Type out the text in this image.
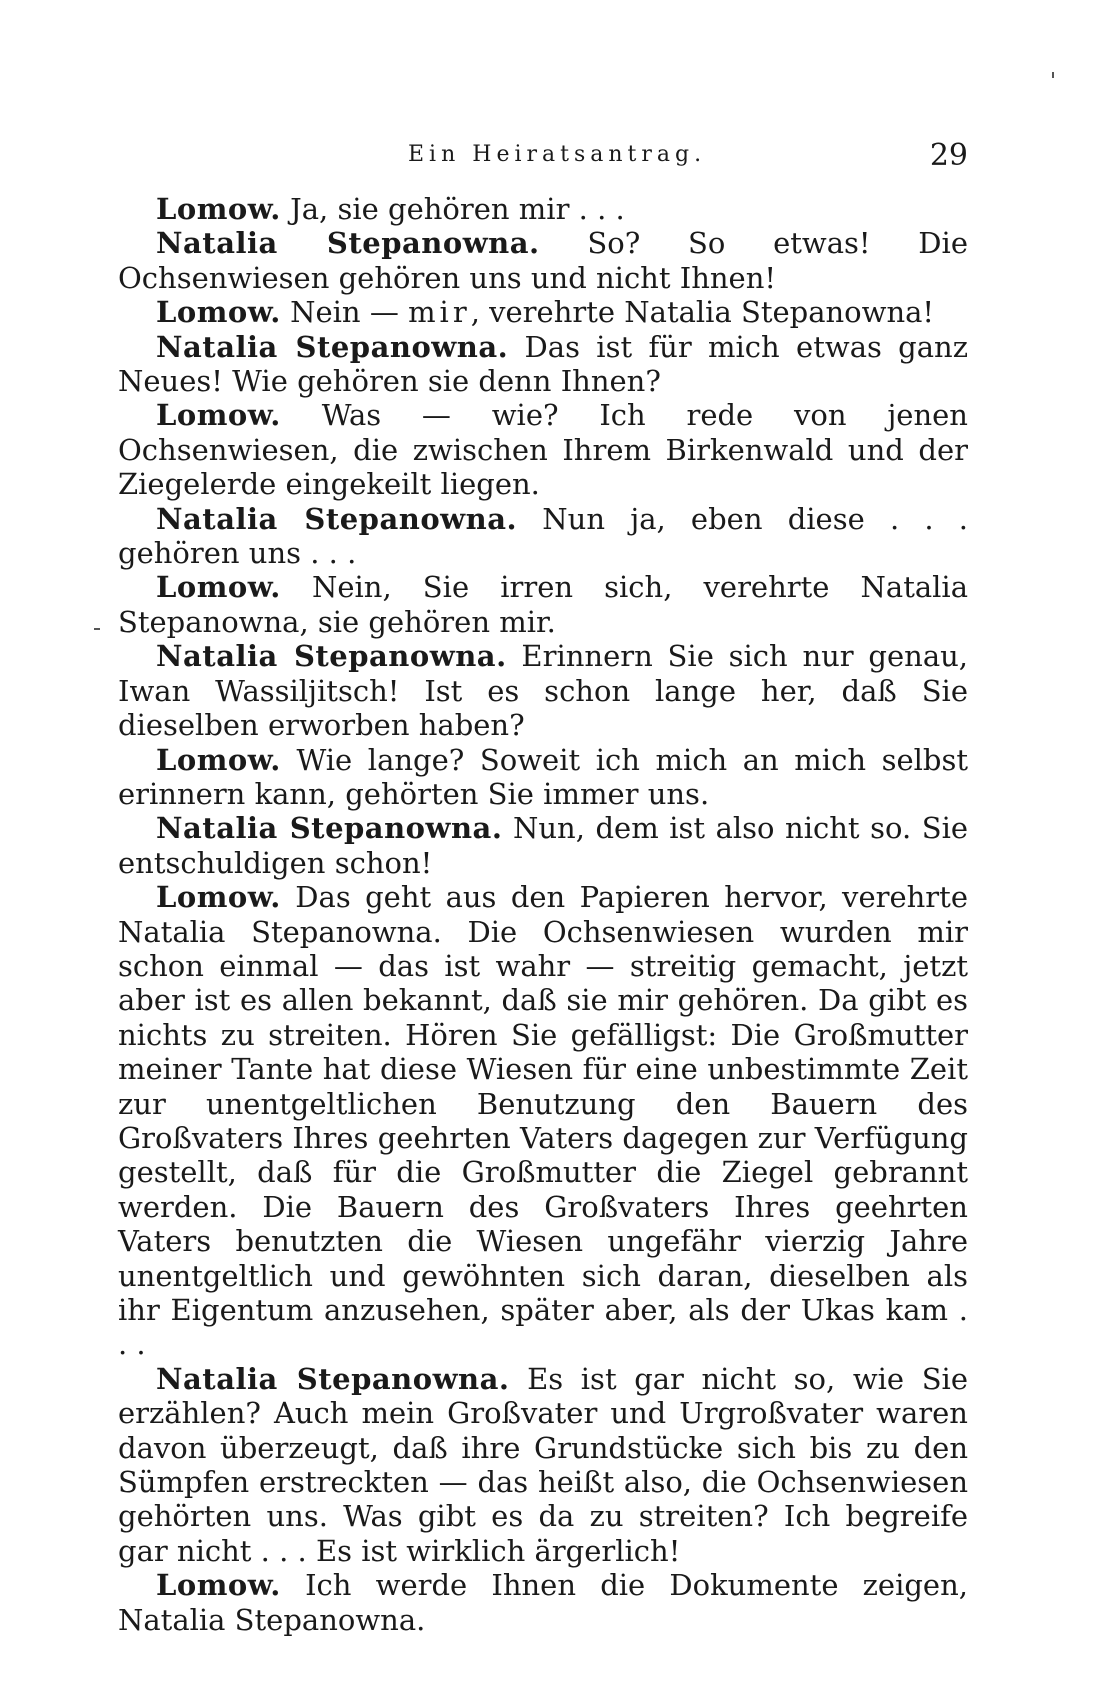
Ein Heiratsantrag.	29

Lomow. Ja, sie gehören mir . . .

Natalia Stepanowna. So? So etwas! Die Ochsenwiesen gehören uns und nicht Ihnen!

Lomow. Nein — mir, verehrte Natalia Stepanowna!

Natalia Stepanowna. Das ist für mich etwas ganz Neues! Wie gehören sie denn Ihnen?

Lomow. Was — wie? Ich rede von jenen Ochsenwiesen, die zwischen Ihrem Birkenwald und der Ziegelerde eingekeilt liegen.

Natalia Stepanowna. Nun ja, eben diese . . . gehören uns . . .

Lomow. Nein, Sie irren sich, verehrte Natalia Stepanowna, sie gehören mir.

Natalia Stepanowna. Erinnern Sie sich nur genau, Iwan Wassiljitsch! Ist es schon lange her, daß Sie dieselben erworben haben?

Lomow. Wie lange? Soweit ich mich an mich selbst erinnern kann, gehörten Sie immer uns.

Natalia Stepanowna. Nun, dem ist also nicht so. Sie entschuldigen schon!

Lomow. Das geht aus den Papieren hervor, verehrte Natalia Stepanowna. Die Ochsenwiesen wurden mir schon einmal — das ist wahr — streitig gemacht, jetzt aber ist es allen bekannt, daß sie mir gehören. Da gibt es nichts zu streiten. Hören Sie gefälligst: Die Großmutter meiner Tante hat diese Wiesen für eine unbestimmte Zeit zur unentgeltlichen Benutzung den Bauern des Großvaters Ihres geehrten Vaters dagegen zur Verfügung gestellt, daß für die Großmutter die Ziegel gebrannt werden. Die Bauern des Großvaters Ihres geehrten Vaters benutzten die Wiesen ungefähr vierzig Jahre unentgeltlich und gewöhnten sich daran, dieselben als ihr Eigentum anzusehen, später aber, als der Ukas kam . . .

Natalia Stepanowna. Es ist gar nicht so, wie Sie erzählen? Auch mein Großvater und Urgroßvater waren davon überzeugt, daß ihre Grundstücke sich bis zu den Sümpfen erstreckten — das heißt also, die Ochsenwiesen gehörten uns. Was gibt es da zu streiten? Ich begreife gar nicht . . . Es ist wirklich ärgerlich!

Lomow. Ich werde Ihnen die Dokumente zeigen, Natalia Stepanowna.
